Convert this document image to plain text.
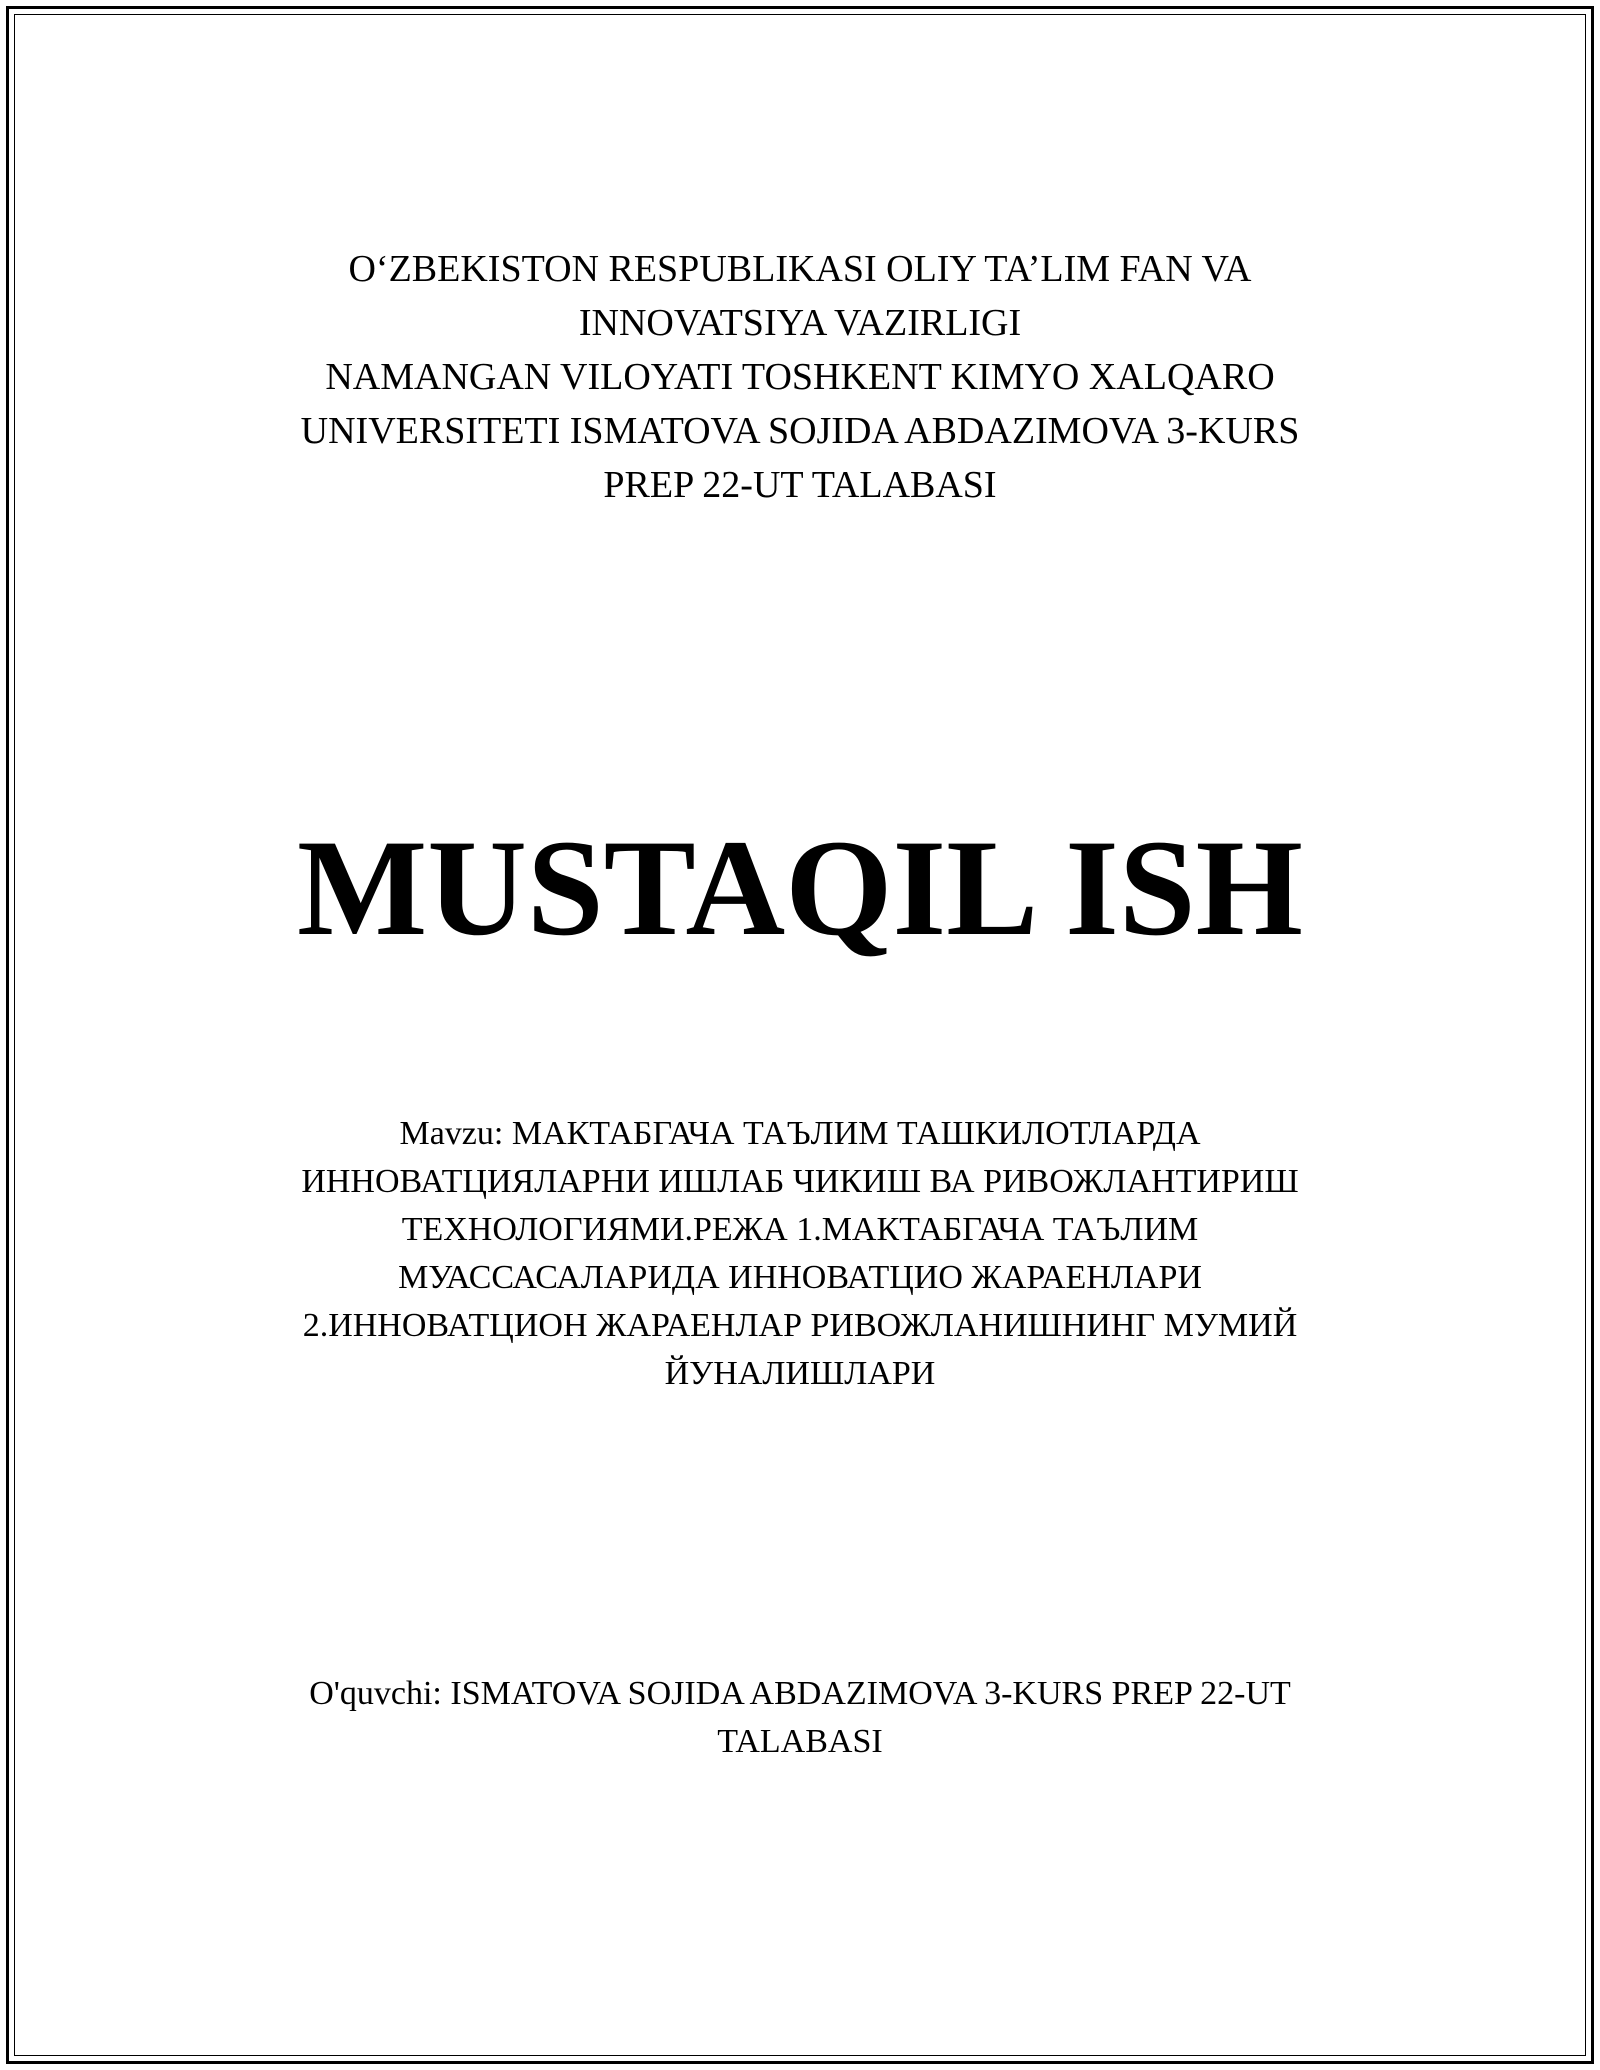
O‘ZBEKISTON RESPUBLIKASI OLIY TA’LIM FAN VA
INNOVATSIYA VAZIRLIGI
NAMANGAN VILOYATI TOSHKENT KIMYO XALQARO
UNIVERSITETI ISMATOVA SOJIDA ABDAZIMOVA 3-KURS
PREP 22-UT TALABASI
MUSTAQIL ISH
Mavzu: МАКТАБГАЧА ТАЪЛИМ ТАШКИЛОТЛАРДА
ИННОВАТЦИЯЛАРНИ ИШЛАБ ЧИКИШ ВА РИВОЖЛАНТИРИШ
ТЕХНОЛОГИЯМИ.РЕЖА 1.МАКТАБГАЧА ТАЪЛИМ
МУАССАСАЛАРИДА ИННОВАТЦИО ЖАРАЕНЛАРИ
2.ИННОВАТЦИОН ЖАРАЕНЛАР РИВОЖЛАНИШНИНГ МУМИЙ
ЙУНАЛИШЛАРИ
O'quvchi: ISMATOVA SOJIDA ABDAZIMOVA 3-KURS PREP 22-UT
TALABASI
